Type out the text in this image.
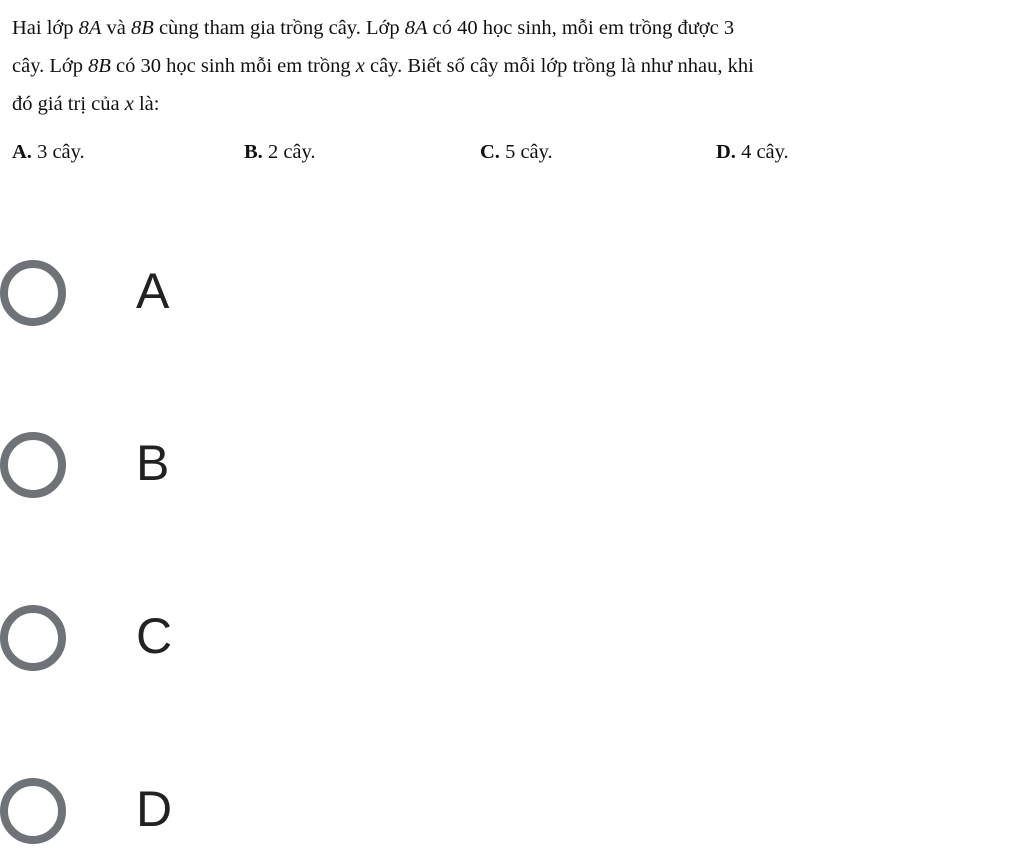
Hai lớp 8A và 8B cùng tham gia trồng cây. Lớp 8A có 40 học sinh, mỗi em trồng được 3
cây. Lớp 8B có 30 học sinh mỗi em trồng x cây. Biết số cây mỗi lớp trồng là như nhau, khi
đó giá trị của x là:
A. 3 cây.	B. 2 cây.	C. 5 cây.	D. 4 cây.
A
B
C
D
